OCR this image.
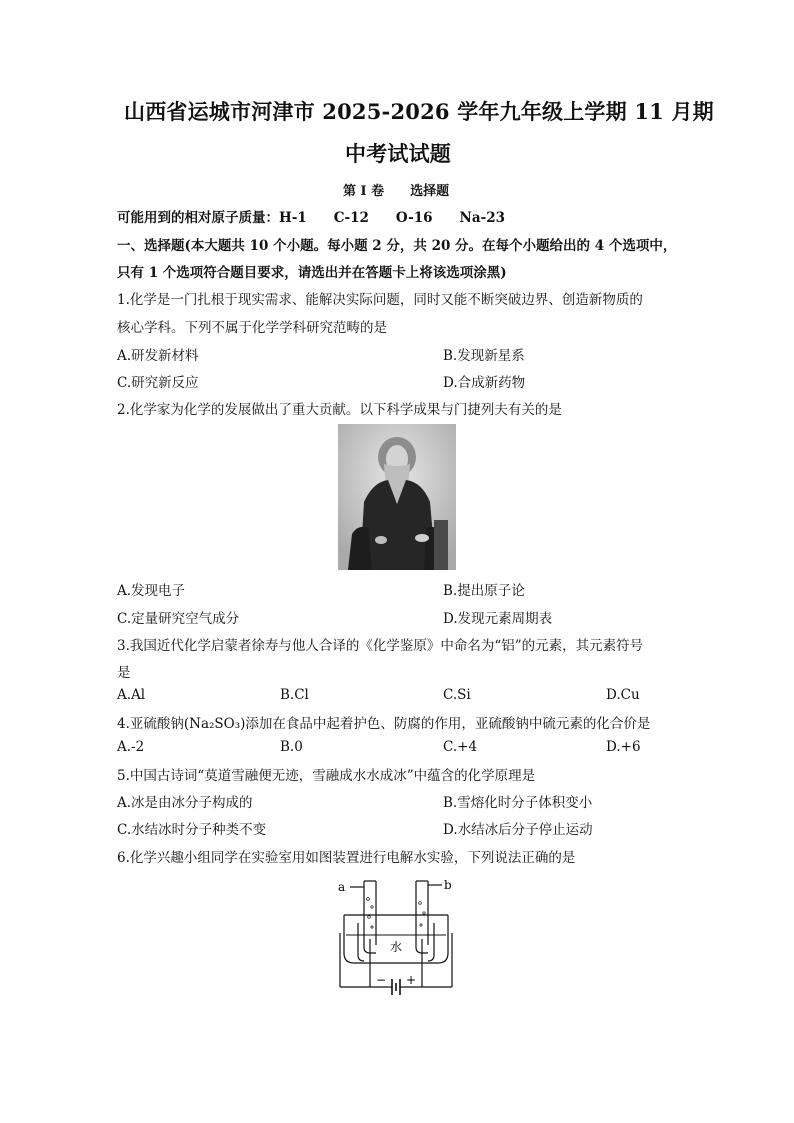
山西省运城市河津市 2025-2026 学年九年级上学期 11 月期
中考试试题
第 I 卷　　选择题
可能用到的相对原子质量：H-1　　C-12　　O-16　　Na-23
一、选择题(本大题共 10 个小题。每小题 2 分，共 20 分。在每个小题给出的 4 个选项中，
只有 1 个选项符合题目要求，请选出并在答题卡上将该选项涂黑)
1.化学是一门扎根于现实需求、能解决实际问题，同时又能不断突破边界、创造新物质的
核心学科。下列不属于化学学科研究范畴的是
A.研发新材料	B.发现新星系
C.研究新反应	D.合成新药物
2.化学家为化学的发展做出了重大贡献。以下科学成果与门捷列夫有关的是
A.发现电子	B.提出原子论
C.定量研究空气成分	D.发现元素周期表
3.我国近代化学启蒙者徐寿与他人合译的《化学鉴原》中命名为“铝”的元素，其元素符号
是
A.Al	B.Cl	C.Si	D.Cu
4.亚硫酸钠(Na₂SO₃)添加在食品中起着护色、防腐的作用，亚硫酸钠中硫元素的化合价是
A.-2	B.0	C.+4	D.+6
5.中国古诗词“莫道雪融便无迹，雪融成水水成冰”中蕴含的化学原理是
A.冰是由冰分子构成的	B.雪熔化时分子体积变小
C.水结冰时分子种类不变	D.水结冰后分子停止运动
6.化学兴趣小组同学在实验室用如图装置进行电解水实验，下列说法正确的是
a	b
水
− +
